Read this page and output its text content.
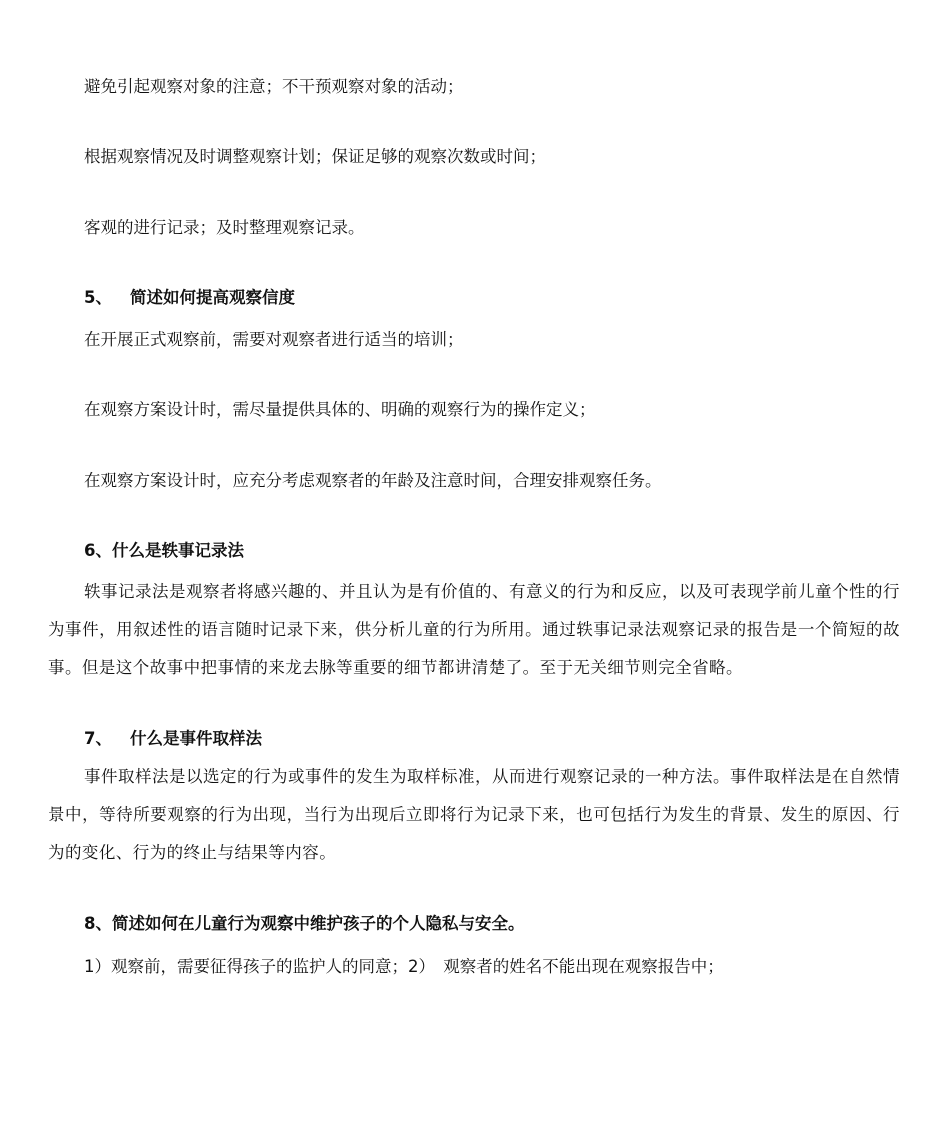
避免引起观察对象的注意；不干预观察对象的活动；
根据观察情况及时调整观察计划；保证足够的观察次数或时间；
客观的进行记录；及时整理观察记录。
5、 简述如何提高观察信度
在开展正式观察前，需要对观察者进行适当的培训；
在观察方案设计时，需尽量提供具体的、明确的观察行为的操作定义；
在观察方案设计时，应充分考虑观察者的年龄及注意时间，合理安排观察任务。
6、什么是轶事记录法
轶事记录法是观察者将感兴趣的、并且认为是有价值的、有意义的行为和反应，以及可表现学前儿童个性的行为事件，用叙述性的语言随时记录下来，供分析儿童的行为所用。通过轶事记录法观察记录的报告是一个简短的故事。但是这个故事中把事情的来龙去脉等重要的细节都讲清楚了。至于无关细节则完全省略。
7、 什么是事件取样法
事件取样法是以选定的行为或事件的发生为取样标准，从而进行观察记录的一种方法。事件取样法是在自然情景中，等待所要观察的行为出现，当行为出现后立即将行为记录下来，也可包括行为发生的背景、发生的原因、行为的变化、行为的终止与结果等内容。
8、简述如何在儿童行为观察中维护孩子的个人隐私与安全。
1）观察前，需要征得孩子的监护人的同意；2）　观察者的姓名不能出现在观察报告中；
